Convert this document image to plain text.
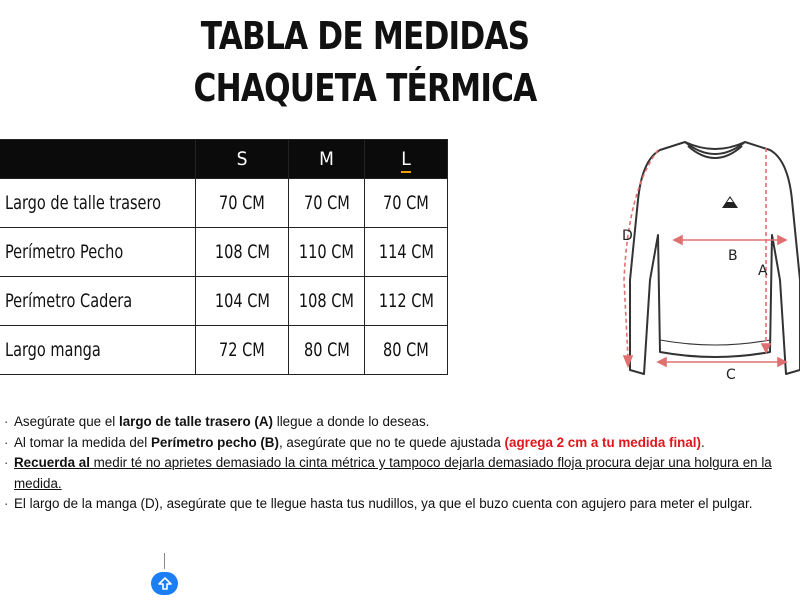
TABLA DE MEDIDAS
CHAQUETA TÉRMICA
	S	M	L
Largo de talle trasero	70 CM	70 CM	70 CM
Perímetro Pecho	108 CM	110 CM	114 CM
Perímetro Cadera	104 CM	108 CM	112 CM
Largo manga	72 CM	80 CM	80 CM
B
A
C
D
· Asegúrate que el largo de talle trasero (A) llegue a donde lo deseas.
· Al tomar la medida del Perímetro pecho (B), asegúrate que no te quede ajustada (agrega 2 cm a tu medida final).
· Recuerda al medir té no aprietes demasiado la cinta métrica y tampoco dejarla demasiado floja procura dejar una holgura en la medida.
· El largo de la manga (D), asegúrate que te llegue hasta tus nudillos, ya que el buzo cuenta con agujero para meter el pulgar.
